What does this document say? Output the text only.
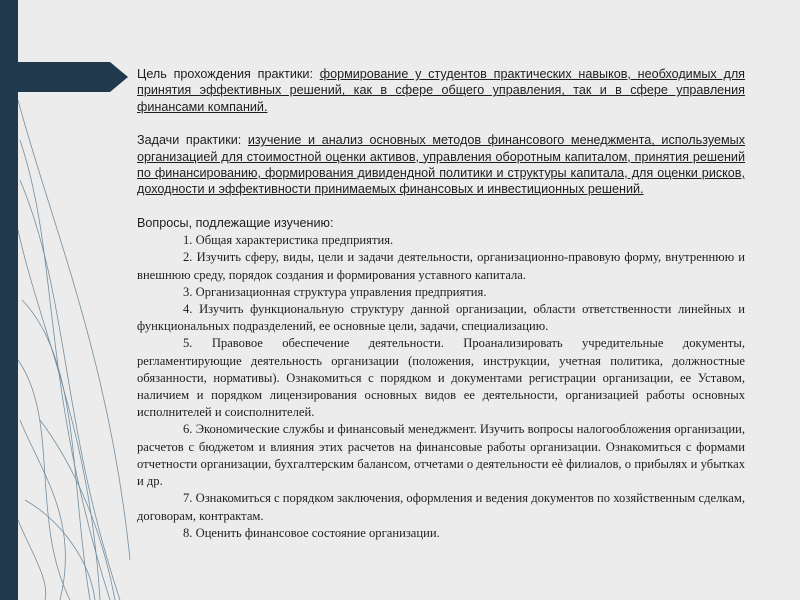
Цель прохождения практики: формирование у студентов практических навыков, необходимых для принятия эффективных решений, как в сфере общего управления, так и в сфере управления финансами компаний.

Задачи практики: изучение и анализ основных методов финансового менеджмента, используемых организацией для стоимостной оценки активов, управления оборотным капиталом, принятия решений по финансированию, формирования дивидендной политики и структуры капитала, для оценки рисков, доходности и эффективности принимаемых финансовых и инвестиционных решений.

Вопросы, подлежащие изучению:

1. Общая характеристика предприятия.

2. Изучить сферу, виды, цели и задачи деятельности, организационно-правовую форму, внутреннюю и внешнюю среду, порядок создания и формирования уставного капитала.

3. Организационная структура управления предприятия.

4. Изучить функциональную структуру данной организации, области ответственности линейных и функциональных подразделений, ее основные цели, задачи, специализацию.

5. Правовое обеспечение деятельности. Проанализировать учредительные документы, регламентирующие деятельность организации (положения, инструкции, учетная политика, должностные обязанности, нормативы). Ознакомиться с порядком и документами регистрации организации, ее Уставом, наличием и порядком лицензирования основных видов ее деятельности, организацией работы основных исполнителей и соисполнителей.

6. Экономические службы и финансовый менеджмент. Изучить вопросы налогообложения организации, расчетов с бюджетом и влияния этих расчетов на финансовые работы организации. Ознакомиться с формами отчетности организации, бухгалтерским балансом, отчетами о деятельности еѐ филиалов, о прибылях и убытках и др.

7. Ознакомиться с порядком заключения, оформления и ведения документов по хозяйственным сделкам, договорам, контрактам.

8. Оценить финансовое состояние организации.
